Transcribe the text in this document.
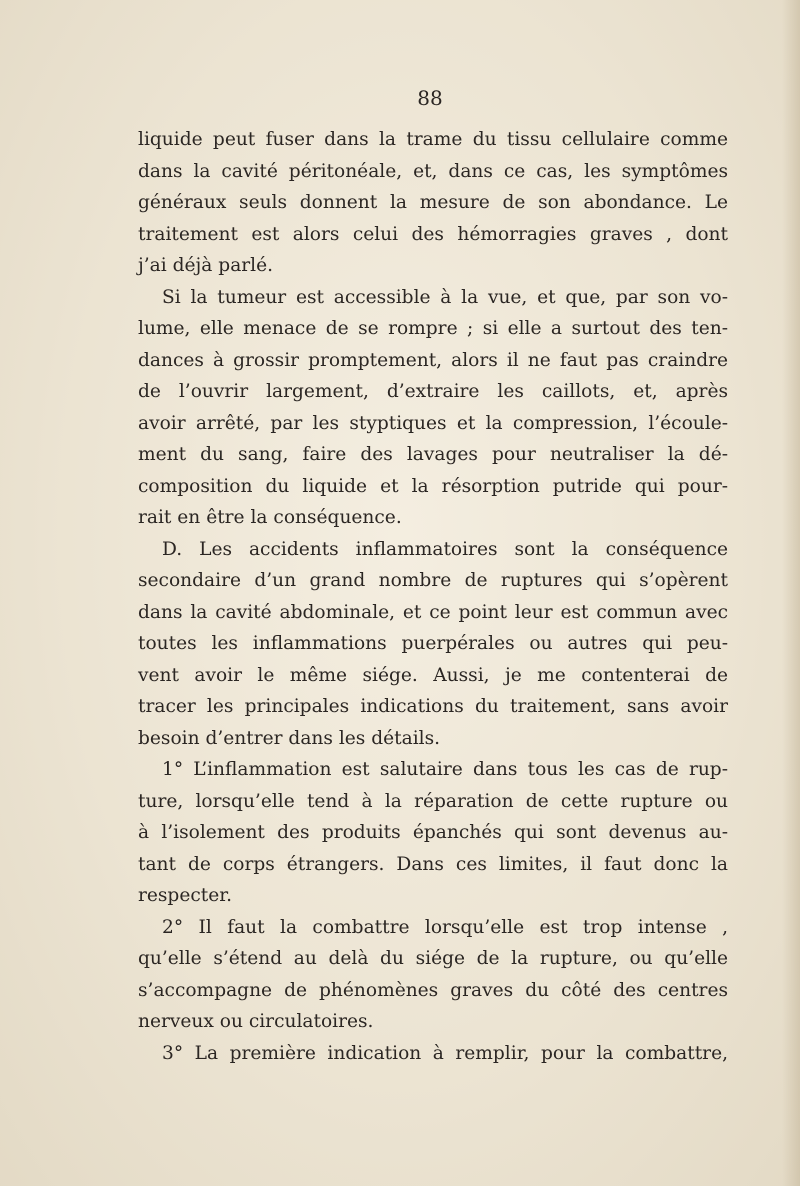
88
liquide peut fuser dans la trame du tissu cellulaire comme
dans la cavité péritonéale, et, dans ce cas, les symptômes
généraux seuls donnent la mesure de son abondance. Le
traitement est alors celui des hémorragies graves , dont
j’ai déjà parlé.
Si la tumeur est accessible à la vue, et que, par son vo-
lume, elle menace de se rompre ; si elle a surtout des ten-
dances à grossir promptement, alors il ne faut pas craindre
de l’ouvrir largement, d’extraire les caillots, et, après
avoir arrêté, par les styptiques et la compression, l’écoule-
ment du sang, faire des lavages pour neutraliser la dé-
composition du liquide et la résorption putride qui pour-
rait en être la conséquence.
D. Les accidents inflammatoires sont la conséquence
secondaire d’un grand nombre de ruptures qui s’opèrent
dans la cavité abdominale, et ce point leur est commun avec
toutes les inflammations puerpérales ou autres qui peu-
vent avoir le même siége. Aussi, je me contenterai de
tracer les principales indications du traitement, sans avoir
besoin d’entrer dans les détails.
1° L’inflammation est salutaire dans tous les cas de rup-
ture, lorsqu’elle tend à la réparation de cette rupture ou
à l’isolement des produits épanchés qui sont devenus au-
tant de corps étrangers. Dans ces limites, il faut donc la
respecter.
2° Il faut la combattre lorsqu’elle est trop intense ,
qu’elle s’étend au delà du siége de la rupture, ou qu’elle
s’accompagne de phénomènes graves du côté des centres
nerveux ou circulatoires.
3° La première indication à remplir, pour la combattre,
